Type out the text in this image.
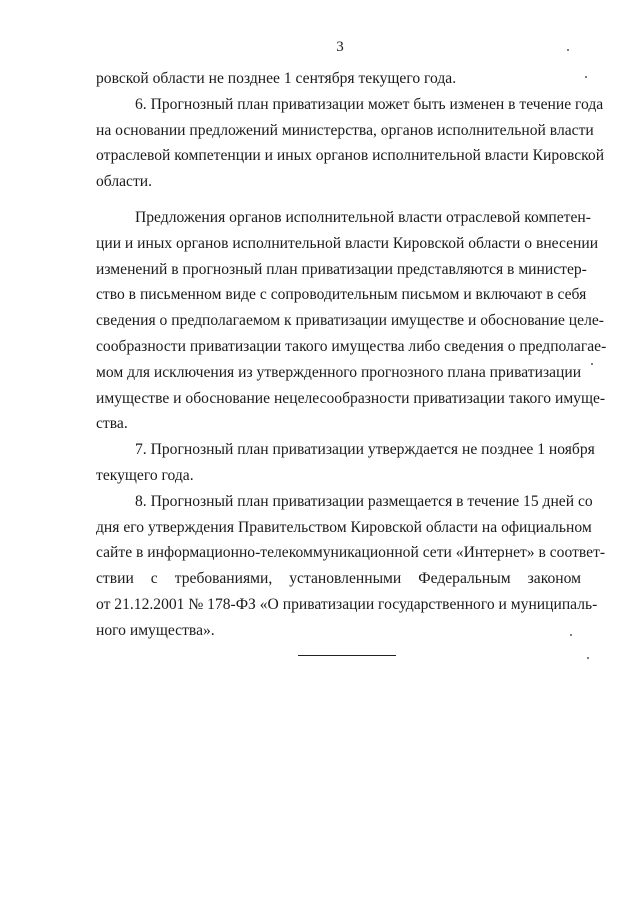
3

ровской области не позднее 1 сентября текущего года.

6. Прогнозный план приватизации может быть изменен в течение года
на основании предложений министерства, органов исполнительной власти
отраслевой компетенции и иных органов исполнительной власти Кировской
области.

Предложения органов исполнительной власти отраслевой компетен-
ции и иных органов исполнительной власти Кировской области о внесении
изменений в прогнозный план приватизации представляются в министер-
ство в письменном виде с сопроводительным письмом и включают в себя
сведения о предполагаемом к приватизации имуществе и обоснование целе-
сообразности приватизации такого имущества либо сведения о предполагае-
мом для исключения из утвержденного прогнозного плана приватизации
имуществе и обоснование нецелесообразности приватизации такого имуще-
ства.

7. Прогнозный план приватизации утверждается не позднее 1 ноября
текущего года.

8. Прогнозный план приватизации размещается в течение 15 дней со
дня его утверждения Правительством Кировской области на официальном
сайте в информационно-телекоммуникационной сети «Интернет» в соответ-
ствии с требованиями, установленными Федеральным законом
от 21.12.2001 № 178-ФЗ «О приватизации государственного и муниципаль-
ного имущества».
